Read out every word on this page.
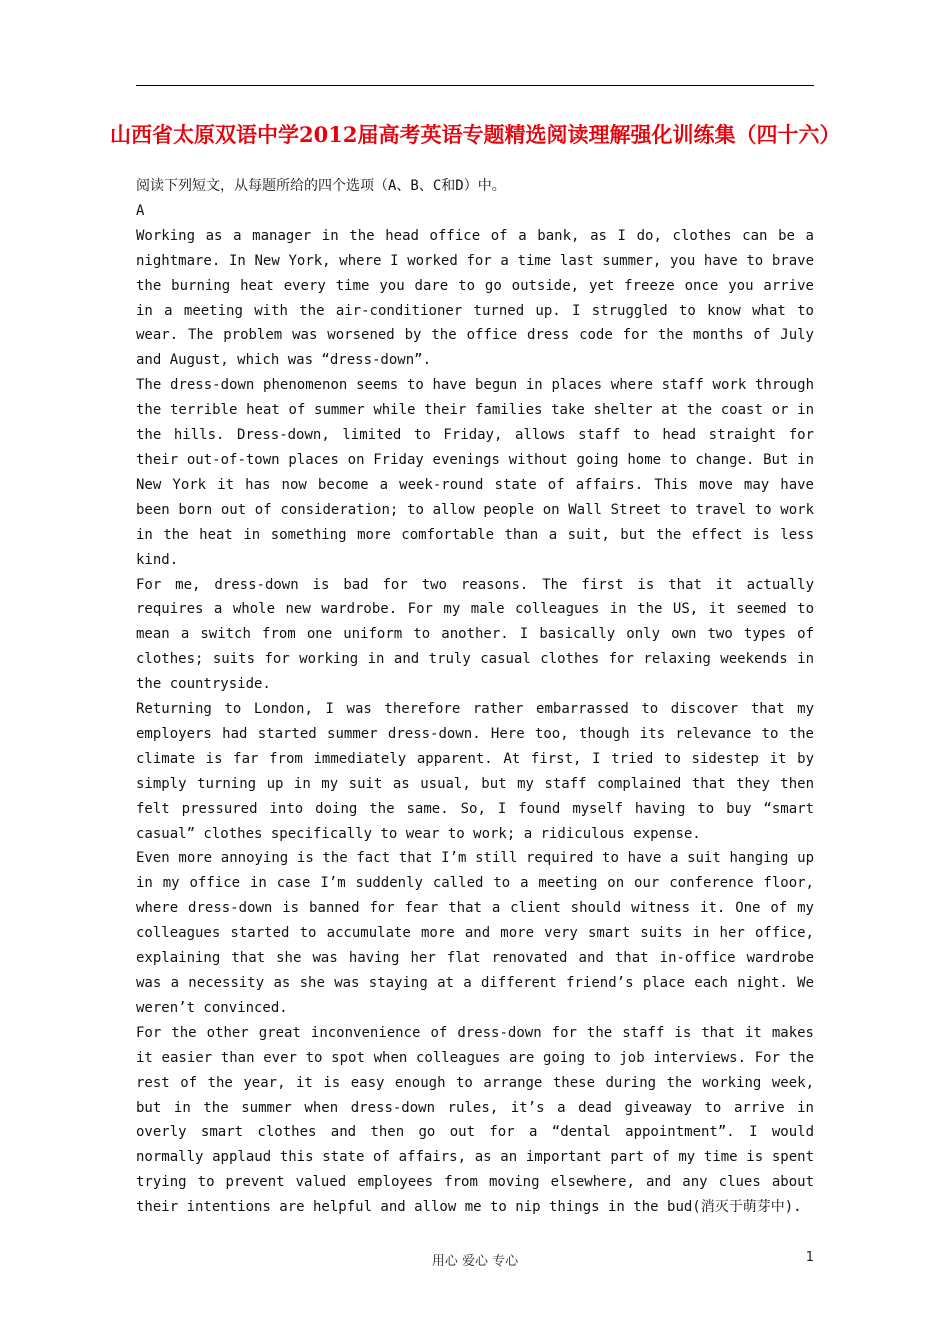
山西省太原双语中学2012届高考英语专题精选阅读理解强化训练集（四十六）

阅读下列短文，从每题所给的四个选项（A、B、C和D）中。

A

Working as a manager in the head office of a bank, as I do, clothes can be a nightmare. In New York, where I worked for a time last summer, you have to brave the burning heat every time you dare to go outside, yet freeze once you arrive in a meeting with the air-conditioner turned up. I struggled to know what to wear. The problem was worsened by the office dress code for the months of July and August, which was “dress-down”.

The dress-down phenomenon seems to have begun in places where staff work through the terrible heat of summer while their families take shelter at the coast or in the hills. Dress-down, limited to Friday, allows staff to head straight for their out-of-town places on Friday evenings without going home to change. But in New York it has now become a week-round state of affairs. This move may have been born out of consideration; to allow people on Wall Street to travel to work in the heat in something more comfortable than a suit, but the effect is less kind.

For me, dress-down is bad for two reasons. The first is that it actually requires a whole new wardrobe. For my male colleagues in the US, it seemed to mean a switch from one uniform to another. I basically only own two types of clothes; suits for working in and truly casual clothes for relaxing weekends in the countryside.

Returning to London, I was therefore rather embarrassed to discover that my employers had started summer dress-down. Here too, though its relevance to the climate is far from immediately apparent. At first, I tried to sidestep it by simply turning up in my suit as usual, but my staff complained that they then felt pressured into doing the same. So, I found myself having to buy “smart casual” clothes specifically to wear to work; a ridiculous expense.

Even more annoying is the fact that I’m still required to have a suit hanging up in my office in case I’m suddenly called to a meeting on our conference floor, where dress-down is banned for fear that a client should witness it. One of my colleagues started to accumulate more and more very smart suits in her office, explaining that she was having her flat renovated and that in-office wardrobe was a necessity as she was staying at a different friend’s place each night. We weren’t convinced.

For the other great inconvenience of dress-down for the staff is that it makes it easier than ever to spot when colleagues are going to job interviews. For the rest of the year, it is easy enough to arrange these during the working week, but in the summer when dress-down rules, it’s a dead giveaway to arrive in overly smart clothes and then go out for a “dental appointment”. I would normally applaud this state of affairs, as an important part of my time is spent trying to prevent valued employees from moving elsewhere, and any clues about their intentions are helpful and allow me to nip things in the bud(消灭于萌芽中).

用心 爱心 专心	1
